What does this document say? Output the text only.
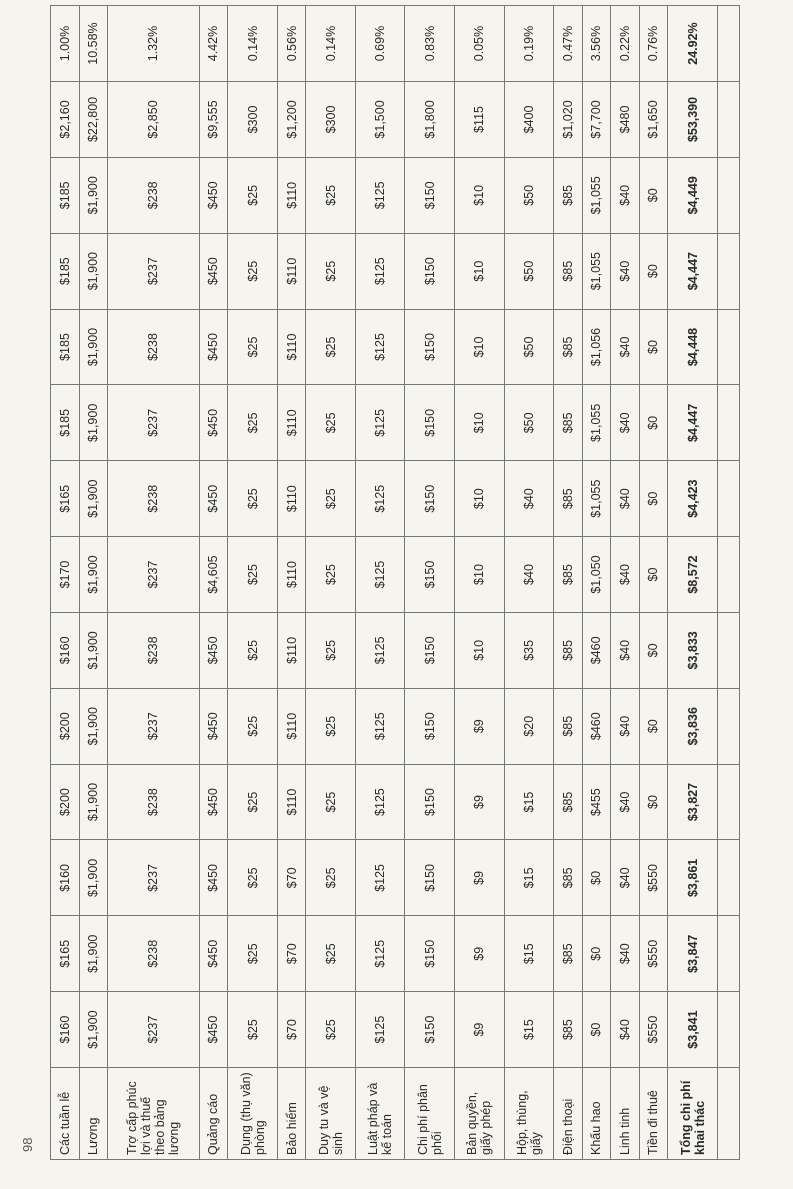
Các tuần lễ	$160	$165	$160	$200	$200	$160	$170	$165	$185	$185	$185	$185	$2,160	1.00%
Lương	$1,900	$1,900	$1,900	$1,900	$1,900	$1,900	$1,900	$1,900	$1,900	$1,900	$1,900	$1,900	$22,800	10.58%
Trợ cấp phúc lợi và thuế theo bảng lương	$237	$238	$237	$238	$237	$238	$237	$238	$237	$238	$237	$238	$2,850	1.32%
Quảng cáo	$450	$450	$450	$450	$450	$450	$4,605	$450	$450	$450	$450	$450	$9,555	4.42%
Dụng (thụ văn) phòng	$25	$25	$25	$25	$25	$25	$25	$25	$25	$25	$25	$25	$300	0.14%
Bảo hiểm	$70	$70	$70	$110	$110	$110	$110	$110	$110	$110	$110	$110	$1,200	0.56%
Duy tu và vệ sinh	$25	$25	$25	$25	$25	$25	$25	$25	$25	$25	$25	$25	$300	0.14%
Luật pháp và kế toán	$125	$125	$125	$125	$125	$125	$125	$125	$125	$125	$125	$125	$1,500	0.69%
Chi phí phân phối	$150	$150	$150	$150	$150	$150	$150	$150	$150	$150	$150	$150	$1,800	0.83%
Bản quyền, giấy phép	$9	$9	$9	$9	$9	$10	$10	$10	$10	$10	$10	$10	$115	0.05%
Hộp, thùng, giấy	$15	$15	$15	$15	$20	$35	$40	$40	$50	$50	$50	$50	$400	0.19%
Điện thoại	$85	$85	$85	$85	$85	$85	$85	$85	$85	$85	$85	$85	$1,020	0.47%
Khấu hao	$0	$0	$0	$455	$460	$460	$1,050	$1,055	$1,055	$1,056	$1,055	$1,055	$7,700	3.56%
Linh tinh	$40	$40	$40	$40	$40	$40	$40	$40	$40	$40	$40	$40	$480	0.22%
Tiền đi thuê	$550	$550	$550	$0	$0	$0	$0	$0	$0	$0	$0	$0	$1,650	0.76%
Tổng chi phí khai thác	$3,841	$3,847	$3,861	$3,827	$3,836	$3,833	$8,572	$4,423	$4,447	$4,448	$4,447	$4,449	$53,390	24.92%

98
